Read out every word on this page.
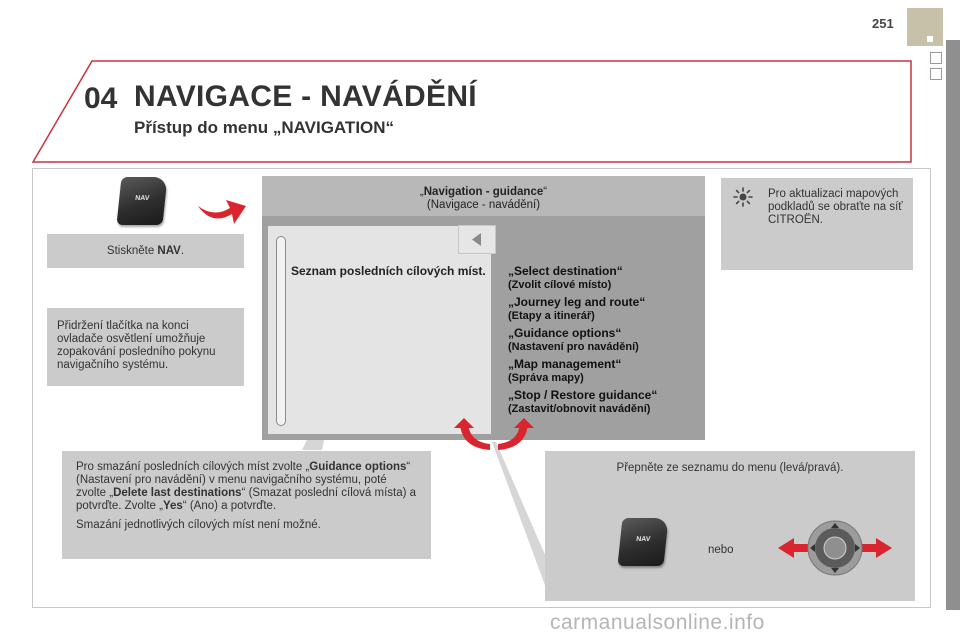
251
04 NAVIGACE - NAVÁDĚNÍ
Přístup do menu „NAVIGATION“
NAV
Stiskněte NAV .
Přidržení tlačítka na konci ovladače osvětlení umožňuje zopakování posledního pokynu navigačního systému.

Pro smazání posledních cílových míst zvolte „Guidance options“ (Nastavení pro navádění) v menu navigačního systému, poté zvolte „Delete last destinations“ (Smazat poslední cílová místa) a potvrďte. Zvolte „Yes“ (Ano) a potvrďte.

Smazání jednotlivých cílových míst není možné.

„Navigation - guidance“
(Navigace - navádění)
Seznam posledních cílových míst. „Select destination“
(Zvolit cílové místo)
„Journey leg and route“
(Etapy a itinerář)
„Guidance options“
(Nastavení pro navádění)
„Map management“
(Správa mapy)
„Stop / Restore guidance“
(Zastavit/obnovit navádění)
Pro aktualizaci mapových podkladů se obraťte na síť CITROËN.
Přepněte ze seznamu do menu (levá/pravá).
NAV
nebo
carmanualsonline.info
